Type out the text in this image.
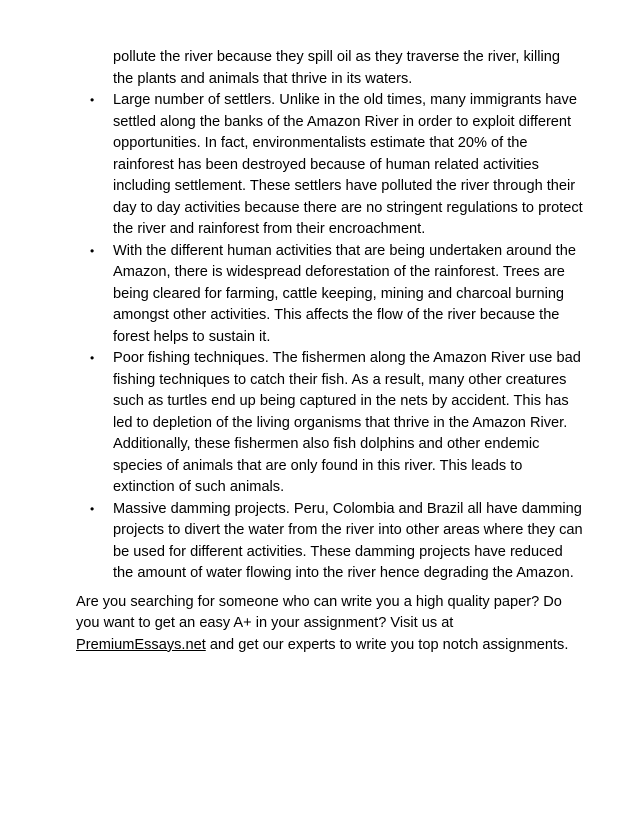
pollute the river because they spill oil as they traverse the river, killing the plants and animals that thrive in its waters.

• Large number of settlers. Unlike in the old times, many immigrants have settled along the banks of the Amazon River in order to exploit different opportunities. In fact, environmentalists estimate that 20% of the rainforest has been destroyed because of human related activities including settlement. These settlers have polluted the river through their day to day activities because there are no stringent regulations to protect the river and rainforest from their encroachment.
• With the different human activities that are being undertaken around the Amazon, there is widespread deforestation of the rainforest. Trees are being cleared for farming, cattle keeping, mining and charcoal burning amongst other activities. This affects the flow of the river because the forest helps to sustain it.
• Poor fishing techniques. The fishermen along the Amazon River use bad fishing techniques to catch their fish. As a result, many other creatures such as turtles end up being captured in the nets by accident. This has led to depletion of the living organisms that thrive in the Amazon River. Additionally, these fishermen also fish dolphins and other endemic species of animals that are only found in this river. This leads to extinction of such animals.
• Massive damming projects. Peru, Colombia and Brazil all have damming projects to divert the water from the river into other areas where they can be used for different activities. These damming projects have reduced the amount of water flowing into the river hence degrading the Amazon.

Are you searching for someone who can write you a high quality paper? Do you want to get an easy A+ in your assignment? Visit us at PremiumEssays.net and get our experts to write you top notch assignments.
